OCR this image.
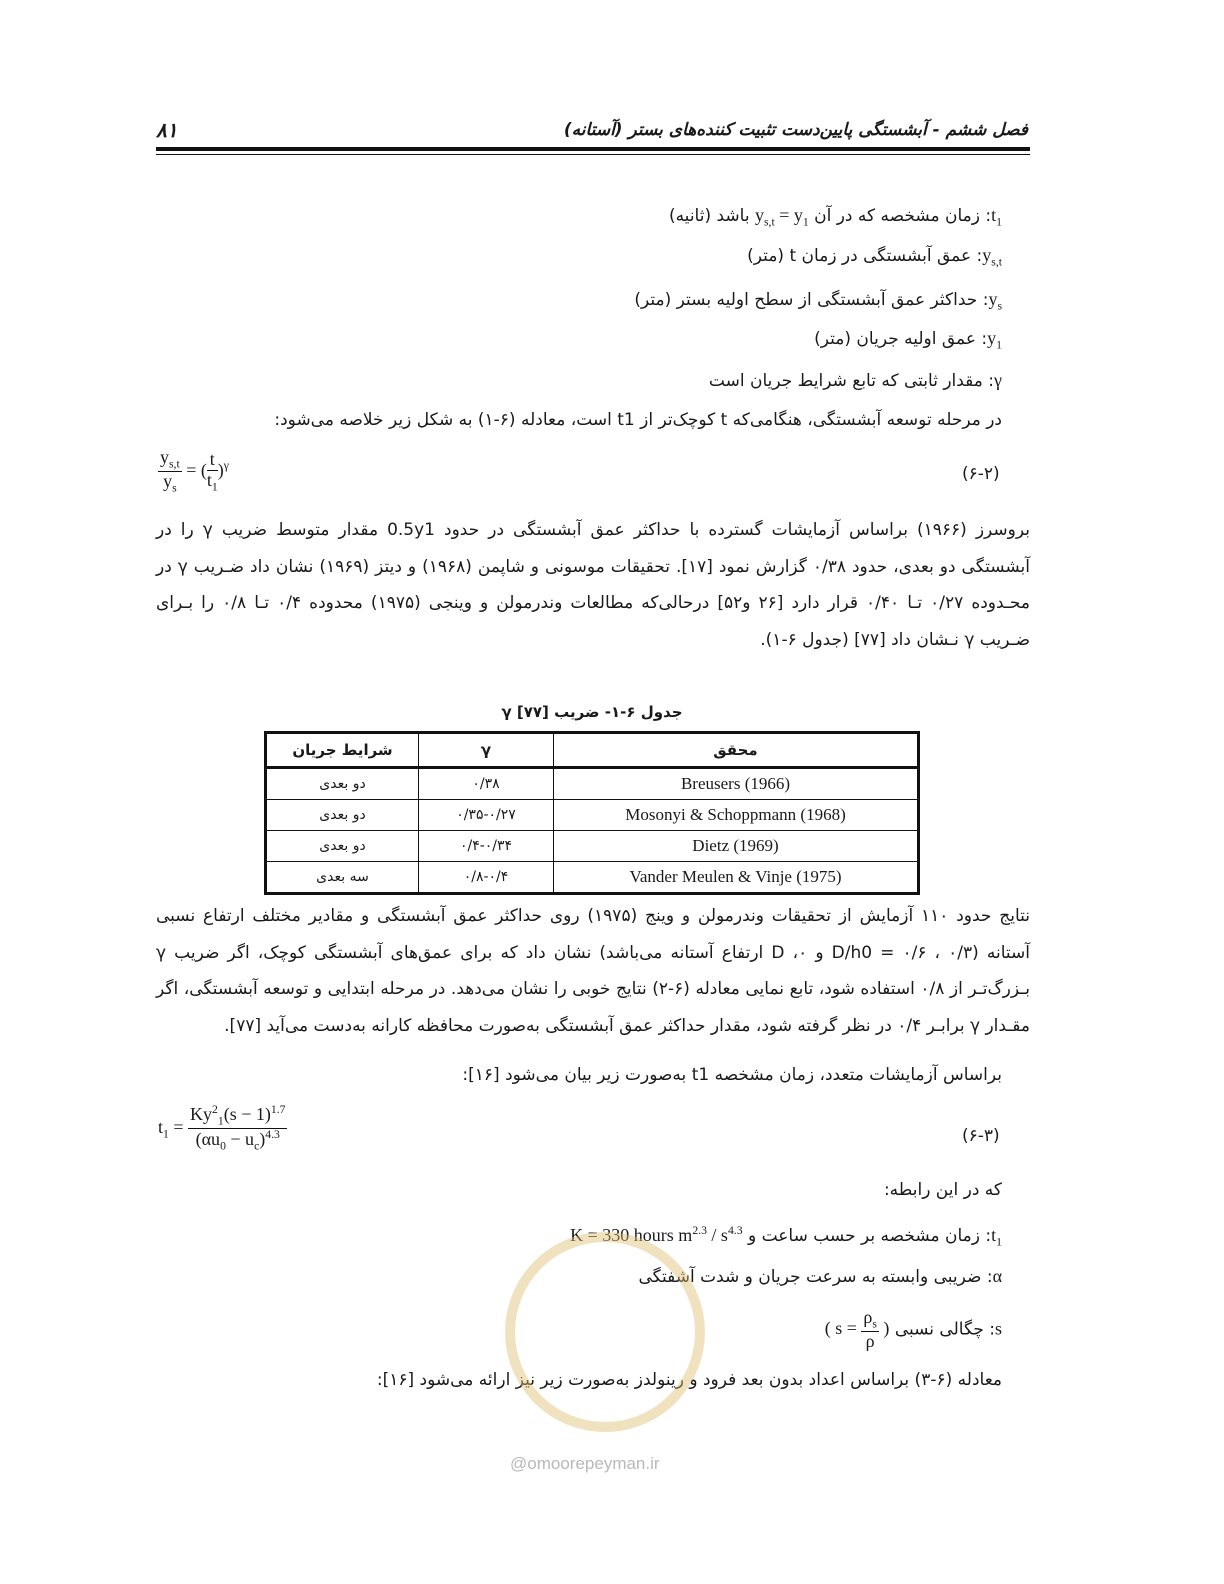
فصل ششم - آبشستگی پایین‌دست تثبیت کننده‌های بستر (آستانه)
۸۱
$t_1$: زمان مشخصه که در آن $y_{s,t} = y_1$ باشد (ثانیه)
$y_{s,t}$: عمق آبشستگی در زمان t (متر)
$y_s$: حداکثر عمق آبشستگی از سطح اولیه بستر (متر)
$y_1$: عمق اولیه جریان (متر)
γ: مقدار ثابتی که تابع شرایط جریان است
در مرحله توسعه آبشستگی، هنگامی‌که t کوچک‌تر از t1 است، معادله (۶-۱) به شکل زیر خلاصه می‌شود:
$\frac{y_{s,t}}{y_s}$ = ( $\frac{t}{t_1} )^\gamma$	(۶-۲)
بروسرز (۱۹۶۶) براساس آزمایشات گسترده با حداکثر عمق آبشستگی در حدود 0.5y1 مقدار متوسط ضریب γ را در آبشستگی دو بعدی، حدود ۰/۳۸ گزارش نمود [۱۷]. تحقیقات موسونی و شاپمن (۱۹۶۸) و دیتز (۱۹۶۹) نشان داد ضـریب γ در محـدوده ۰/۲۷ تـا ۰/۴۰ قرار دارد [۲۶ و۵۲] درحالی‌که مطالعات وندرمولن و وینجی (۱۹۷۵) محدوده ۰/۴ تـا ۰/۸ را بـرای ضـریب γ نـشان داد [۷۷] (جدول ۶-۱).
جدول ۶-۱- ضریب γ [۷۷]
محقق	γ	شرایط جریان
Breusers (1966)	۰/۳۸	دو بعدی
Mosonyi & Schoppmann (1968)	۰/۳۵-۰/۲۷	دو بعدی
Dietz (1969)	۰/۴-۰/۳۴	دو بعدی
Vander Meulen & Vinje (1975)	۰/۸-۰/۴	سه بعدی
نتایج حدود ۱۱۰ آزمایش از تحقیقات وندرمولن و وینج (۱۹۷۵) روی حداکثر عمق آبشستگی و مقادیر مختلف ارتفاع نسبی آستانه (D/h0 = ۰/۶ ، ۰/۳ و ۰، D ارتفاع آستانه می‌باشد) نشان داد که برای عمق‌های آبشستگی کوچک، اگر ضریب γ بـزرگ‌تـر از ۰/۸ استفاده شود، تابع نمایی معادله (۶-۲) نتایج خوبی را نشان می‌دهد. در مرحله ابتدایی و توسعه آبشستگی، اگر مقـدار γ برابـر ۰/۴ در نظر گرفته شود، مقدار حداکثر عمق آبشستگی به‌صورت محافظه کارانه به‌دست می‌آید [۷۷].
براساس آزمایشات متعدد، زمان مشخصه t1 به‌صورت زیر بیان می‌شود [۱۶]:
$t_1 = \frac{Ky^2_1(s - 1)^{1.7}}{(\alpha u_0 - u_c)^{4.3}}$	(۶-۳)
که در این رابطه:
$t_1$: زمان مشخصه بر حسب ساعت و K = 330 hours $m^{2.3} / s^{4.3}$
α: ضریبی وابسته به سرعت جریان و شدت آشفتگی
s: چگالی نسبی ( $s = \frac{\rho_s}{\rho}$ )
معادله (۶-۳) براساس اعداد بدون بعد فرود و رینولدز به‌صورت زیر نیز ارائه می‌شود [۱۶]:
@omoorepeyman.ir
